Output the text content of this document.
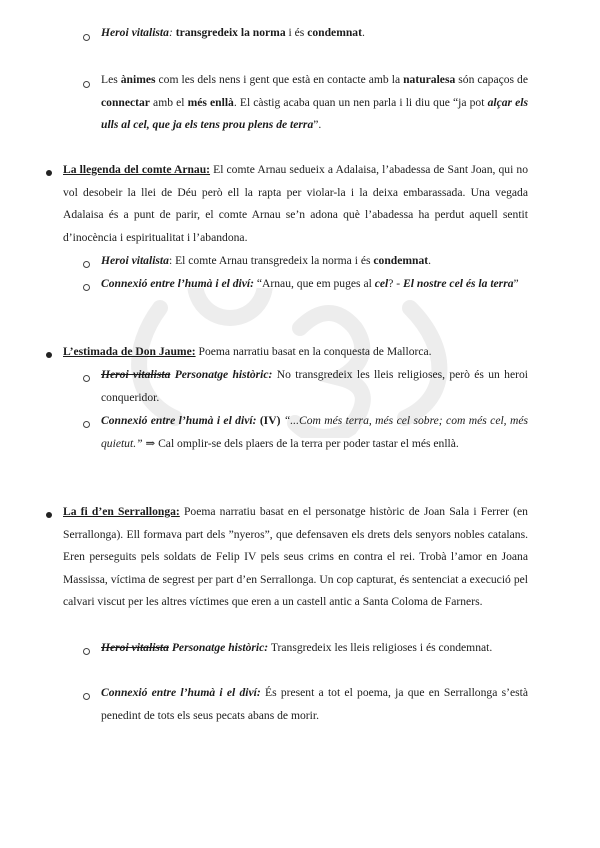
Heroi vitalista: transgredeix la norma i és condemnat.
Les ànimes com les dels nens i gent que està en contacte amb la naturalesa són capaços de connectar amb el més enllà. El càstig acaba quan un nen parla i li diu que “ja pot alçar els ulls al cel, que ja els tens prou plens de terra”.
La llegenda del comte Arnau: El comte Arnau sedueix a Adalaisa, l’abadessa de Sant Joan, qui no vol desobeir la llei de Déu però ell la rapta per violar-la i la deixa embarassada. Una vegada Adalaisa és a punt de parir, el comte Arnau se’n adona què l’abadessa ha perdut aquell sentit d’inocència i espiritualitat i l’abandona.
Heroi vitalista: El comte Arnau transgredeix la norma i és condemnat.
Connexió entre l’humà i el diví: “Arnau, que em puges al cel? - El nostre cel és la terra”
L’estimada de Don Jaume: Poema narratiu basat en la conquesta de Mallorca.
Heroi vitalista Personatge històric: No transgredeix les lleis religioses, però és un heroi conqueridor.
Connexió entre l’humà i el diví: (IV) “...Com més terra, més cel sobre; com més cel, més quietut.” ⇒ Cal omplir-se dels plaers de la terra per poder tastar el més enllà.
La fi d’en Serrallonga: Poema narratiu basat en el personatge històric de Joan Sala i Ferrer (en Serrallonga). Ell formava part dels ”nyeros”, que defensaven els drets dels senyors nobles catalans. Eren perseguits pels soldats de Felip IV pels seus crims en contra el rei. Trobà l’amor en Joana Massissa, víctima de segrest per part d’en Serrallonga. Un cop capturat, és sentenciat a execució pel calvari viscut per les altres víctimes que eren a un castell antic a Santa Coloma de Farners.
Heroi vitalista Personatge històric: Transgredeix les lleis religioses i és condemnat.
Connexió entre l’humà i el diví: És present a tot el poema, ja que en Serrallonga s’està penedint de tots els seus pecats abans de morir.
